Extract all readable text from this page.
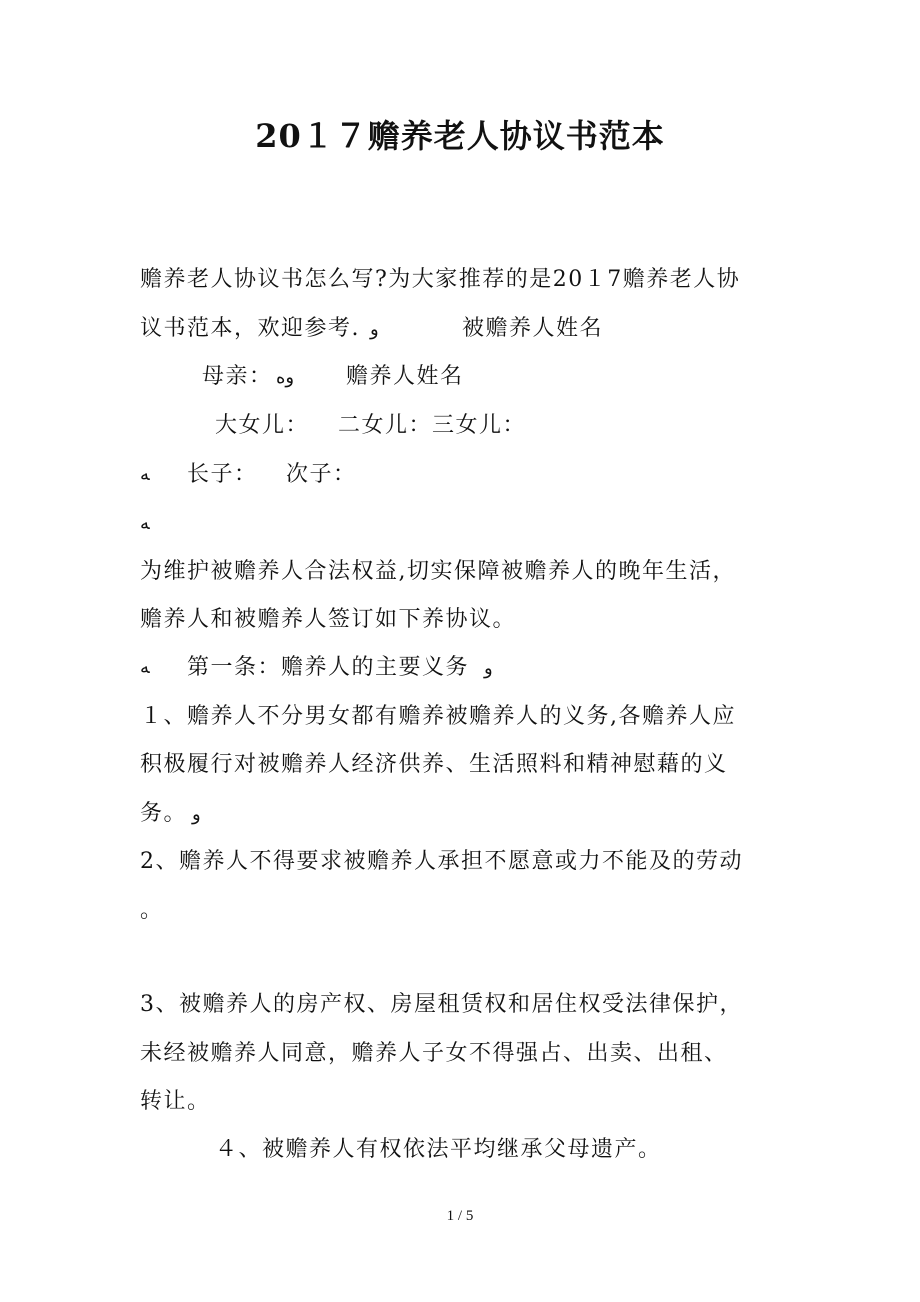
20１７赡养老人协议书范本
赡养老人协议书怎么写?为大家推荐的是20１7赡养老人协
议书范本，欢迎参考. و	被赡养人姓名
母亲： وه 赡养人姓名
大女儿： 二女儿：三女儿：
ﻪ 长子： 次子：
ﻪ
为维护被赡养人合法权益,切实保障被赡养人的晚年生活，
赡养人和被赡养人签订如下养协议。
ﻪ 第一条：赡养人的主要义务 و
１、赡养人不分男女都有赡养被赡养人的义务,各赡养人应
积极履行对被赡养人经济供养、生活照料和精神慰藉的义
务。 و
2、赡养人不得要求被赡养人承担不愿意或力不能及的劳动
。
3、被赡养人的房产权、房屋租赁权和居住权受法律保护，
未经被赡养人同意，赡养人子女不得强占、出卖、出租、
转让。
４、被赡养人有权依法平均继承父母遗产。
1 / 5
